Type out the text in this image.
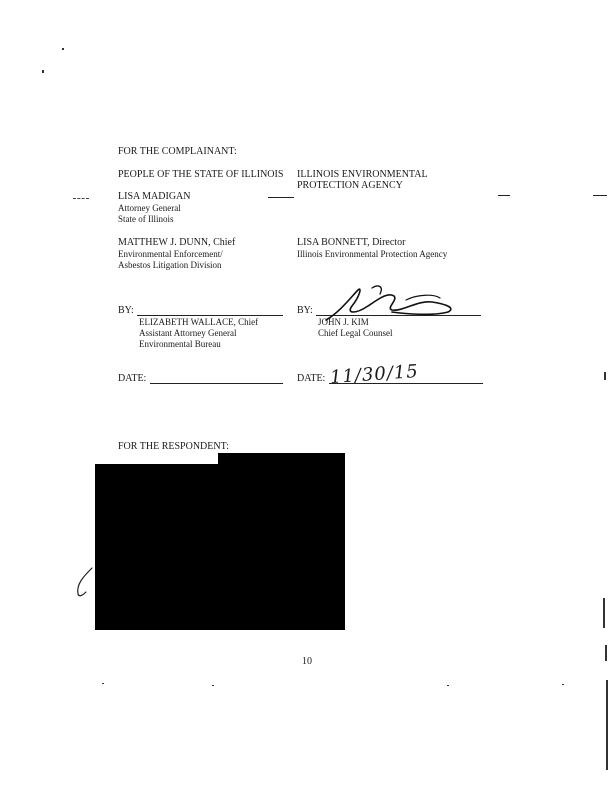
FOR THE COMPLAINANT:
PEOPLE OF THE STATE OF ILLINOIS ILLINOIS ENVIRONMENTAL
PROTECTION AGENCY
LISA MADIGAN
Attorney General
State of Illinois
MATTHEW J. DUNN, Chief
Environmental Enforcement/
Asbestos Litigation Division
LISA BONNETT, Director
Illinois Environmental Protection Agency
BY:
ELIZABETH WALLACE, Chief
Assistant Attorney General
Environmental Bureau
DATE:
BY:
JOHN J. KIM
Chief Legal Counsel
DATE: 11/30/15
FOR THE RESPONDENT:
10
